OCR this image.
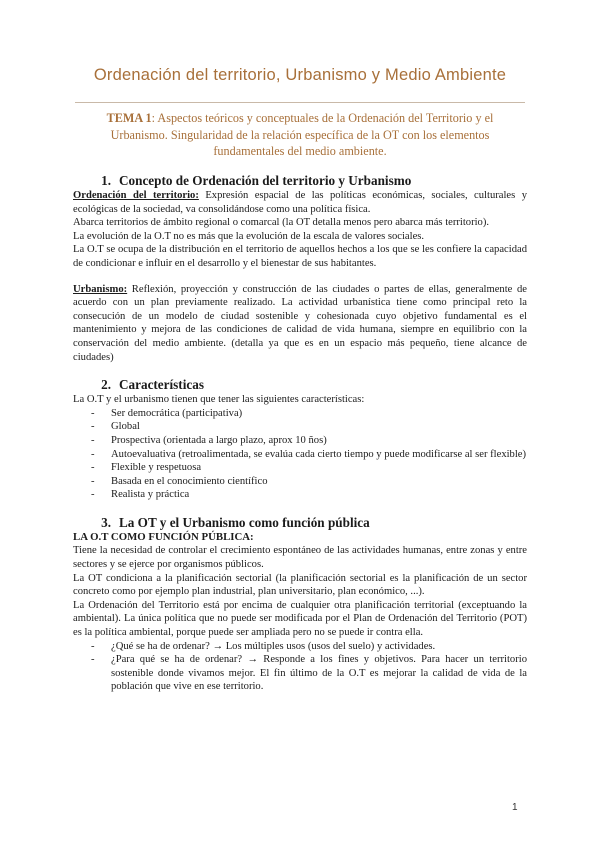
Ordenación del territorio, Urbanismo y Medio Ambiente
TEMA 1: Aspectos teóricos y conceptuales de la Ordenación del Territorio y el Urbanismo. Singularidad de la relación específica de la OT con los elementos fundamentales del medio ambiente.
1. Concepto de Ordenación del territorio y Urbanismo

Ordenación del territorio: Expresión espacial de las políticas económicas, sociales, culturales y ecológicas de la sociedad, va consolidándose como una política física.

Abarca territorios de ámbito regional o comarcal (la OT detalla menos pero abarca más territorio).

La evolución de la O.T no es más que la evolución de la escala de valores sociales.

La O.T se ocupa de la distribución en el territorio de aquellos hechos a los que se les confiere la capacidad de condicionar e influir en el desarrollo y el bienestar de sus habitantes.

Urbanismo: Reflexión, proyección y construcción de las ciudades o partes de ellas, generalmente de acuerdo con un plan previamente realizado. La actividad urbanística tiene como principal reto la consecución de un modelo de ciudad sostenible y cohesionada cuyo objetivo fundamental es el mantenimiento y mejora de las condiciones de calidad de vida humana, siempre en equilibrio con la conservación del medio ambiente. (detalla ya que es en un espacio más pequeño, tiene alcance de ciudades)

2. Características

La O.T y el urbanismo tienen que tener las siguientes características:

- Ser democrática (participativa)
- Global
- Prospectiva (orientada a largo plazo, aprox 10 ños)
- Autoevaluativa (retroalimentada, se evalúa cada cierto tiempo y puede modificarse al ser flexible)
- Flexible y respetuosa
- Basada en el conocimiento científico
- Realista y práctica
3. La OT y el Urbanismo como función pública

LA O.T COMO FUNCIÓN PÚBLICA:

Tiene la necesidad de controlar el crecimiento espontáneo de las actividades humanas, entre zonas y entre sectores y se ejerce por organismos públicos.

La OT condiciona a la planificación sectorial (la planificación sectorial es la planificación de un sector concreto como por ejemplo plan industrial, plan universitario, plan económico, ...).

La Ordenación del Territorio está por encima de cualquier otra planificación territorial (exceptuando la ambiental). La única política que no puede ser modificada por el Plan de Ordenación del Territorio (POT) es la política ambiental, porque puede ser ampliada pero no se puede ir contra ella.

- ¿Qué se ha de ordenar? → Los múltiples usos (usos del suelo) y actividades.
- ¿Para qué se ha de ordenar? → Responde a los fines y objetivos. Para hacer un territorio sostenible donde vivamos mejor. El fin último de la O.T es mejorar la calidad de vida de la población que vive en ese territorio.
1
